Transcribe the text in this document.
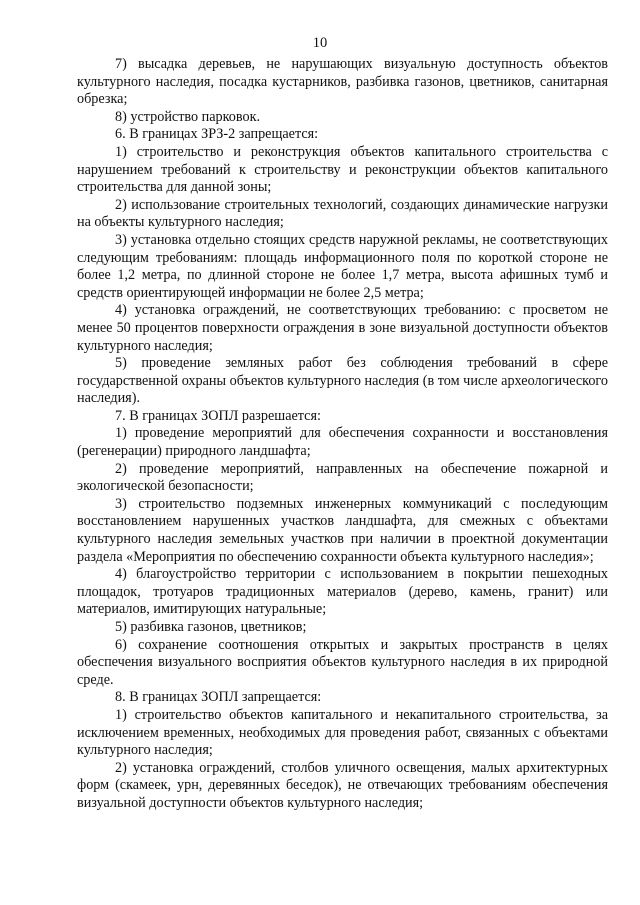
10

7) высадка деревьев, не нарушающих визуальную доступность объектов культурного наследия, посадка кустарников, разбивка газонов, цветников, санитарная обрезка;

8) устройство парковок.

6. В границах ЗРЗ-2 запрещается:

1) строительство и реконструкция объектов капитального строительства с нарушением требований к строительству и реконструкции объектов капитального строительства для данной зоны;

2) использование строительных технологий, создающих динамические нагрузки на объекты культурного наследия;

3) установка отдельно стоящих средств наружной рекламы, не соответствующих следующим требованиям: площадь информационного поля по короткой стороне не более 1,2 метра, по длинной стороне не более 1,7 метра, высота афишных тумб и средств ориентирующей информации не более 2,5 метра;

4) установка ограждений, не соответствующих требованию: с просветом не менее 50 процентов поверхности ограждения в зоне визуальной доступности объектов культурного наследия;

5) проведение земляных работ без соблюдения требований в сфере государственной охраны объектов культурного наследия (в том числе археологического наследия).

7. В границах ЗОПЛ разрешается:

1) проведение мероприятий для обеспечения сохранности и восстановления (регенерации) природного ландшафта;

2) проведение мероприятий, направленных на обеспечение пожарной и экологической безопасности;

3) строительство подземных инженерных коммуникаций с последующим восстановлением нарушенных участков ландшафта, для смежных с объектами культурного наследия земельных участков при наличии в проектной документации раздела «Мероприятия по обеспечению сохранности объекта культурного наследия»;

4) благоустройство территории с использованием в покрытии пешеходных площадок, тротуаров традиционных материалов (дерево, камень, гранит) или материалов, имитирующих натуральные;

5) разбивка газонов, цветников;

6) сохранение соотношения открытых и закрытых пространств в целях обеспечения визуального восприятия объектов культурного наследия в их природной среде.

8. В границах ЗОПЛ запрещается:

1) строительство объектов капитального и некапитального строительства, за исключением временных, необходимых для проведения работ, связанных с объектами культурного наследия;

2) установка ограждений, столбов уличного освещения, малых архитектурных форм (скамеек, урн, деревянных беседок), не отвечающих требованиям обеспечения визуальной доступности объектов культурного наследия;
